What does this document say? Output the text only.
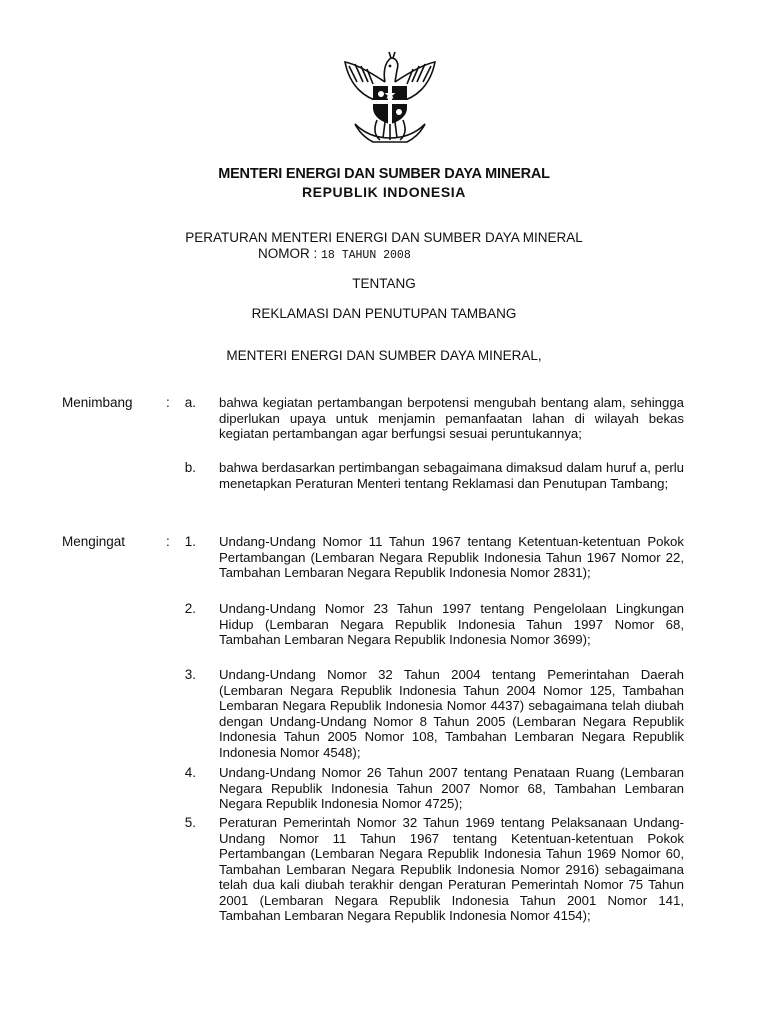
MENTERI ENERGI DAN SUMBER DAYA MINERAL
REPUBLIK INDONESIA
PERATURAN MENTERI ENERGI DAN SUMBER DAYA MINERAL
NOMOR : 18 TAHUN 2008
TENTANG
REKLAMASI DAN PENUTUPAN TAMBANG
MENTERI ENERGI DAN SUMBER DAYA MINERAL,
Menimbang :	a. bahwa kegiatan pertambangan berpotensi mengubah bentang alam, sehingga diperlukan upaya untuk menjamin pemanfaatan lahan di wilayah bekas kegiatan pertambangan agar berfungsi sesuai peruntukannya;
b. bahwa berdasarkan pertimbangan sebagaimana dimaksud dalam huruf a, perlu menetapkan Peraturan Menteri tentang Reklamasi dan Penutupan Tambang;
Mengingat	:	1. Undang-Undang Nomor 11 Tahun 1967 tentang Ketentuan-ketentuan Pokok Pertambangan (Lembaran Negara Republik Indonesia Tahun 1967 Nomor 22, Tambahan Lembaran Negara Republik Indonesia Nomor 2831);
2. Undang-Undang Nomor 23 Tahun 1997 tentang Pengelolaan Lingkungan Hidup (Lembaran Negara Republik Indonesia Tahun 1997 Nomor 68, Tambahan Lembaran Negara Republik Indonesia Nomor 3699);
3. Undang-Undang Nomor 32 Tahun 2004 tentang Pemerintahan Daerah (Lembaran Negara Republik Indonesia Tahun 2004 Nomor 125, Tambahan Lembaran Negara Republik Indonesia Nomor 4437) sebagaimana telah diubah dengan Undang-Undang Nomor 8 Tahun 2005 (Lembaran Negara Republik Indonesia Tahun 2005 Nomor 108, Tambahan Lembaran Negara Republik Indonesia Nomor 4548);
4. Undang-Undang Nomor 26 Tahun 2007 tentang Penataan Ruang (Lembaran Negara Republik Indonesia Tahun 2007 Nomor 68, Tambahan Lembaran Negara Republik Indonesia Nomor 4725);
5. Peraturan Pemerintah Nomor 32 Tahun 1969 tentang Pelaksanaan Undang-Undang Nomor 11 Tahun 1967 tentang Ketentuan-ketentuan Pokok Pertambangan (Lembaran Negara Republik Indonesia Tahun 1969 Nomor 60, Tambahan Lembaran Negara Republik Indonesia Nomor 2916) sebagaimana telah dua kali diubah terakhir dengan Peraturan Pemerintah Nomor 75 Tahun 2001 (Lembaran Negara Republik Indonesia Tahun 2001 Nomor 141, Tambahan Lembaran Negara Republik Indonesia Nomor 4154);
